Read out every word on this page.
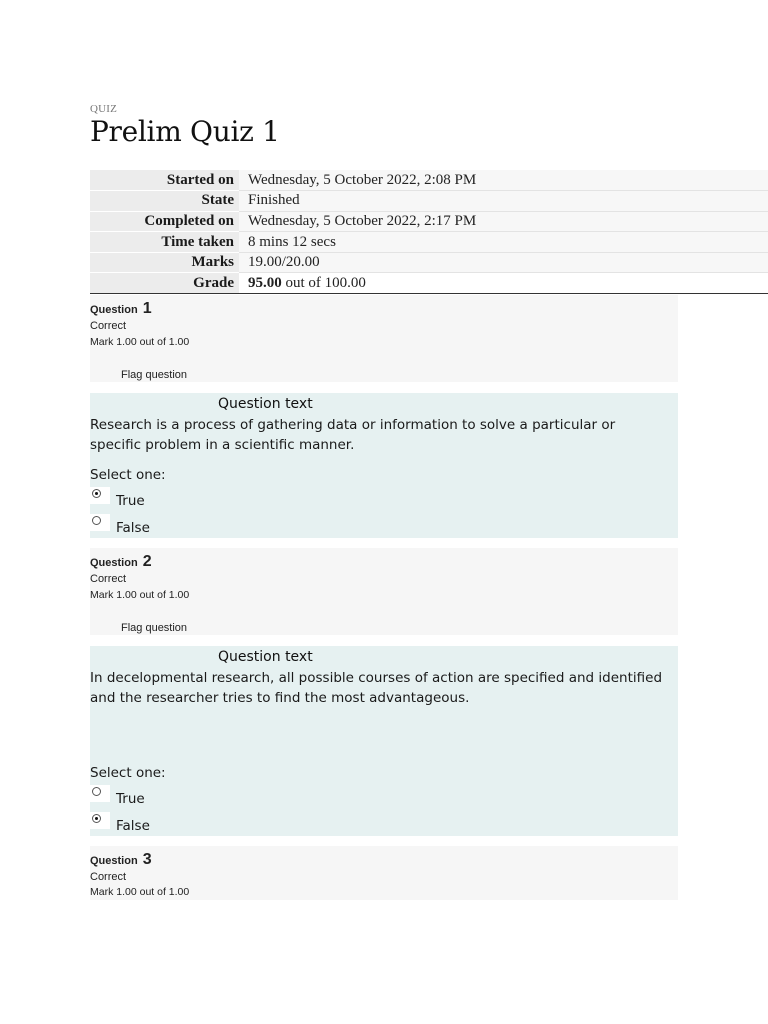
QUIZ
Prelim Quiz 1
Started on	Wednesday, 5 October 2022, 2:08 PM
State	Finished
Completed on	Wednesday, 5 October 2022, 2:17 PM
Time taken	8 mins 12 secs
Marks	19.00/20.00
Grade	95.00 out of 100.00
Question 1
Correct
Mark 1.00 out of 1.00
Flag question
Question text

Research is a process of gathering data or information to solve a particular or specific problem in a scientific manner.

Select one:
True
False
Question 2
Correct
Mark 1.00 out of 1.00
Flag question
Question text

In decelopmental research, all possible courses of action are specified and identified and the researcher tries to find the most advantageous.

Select one:
True
False
Question 3
Correct
Mark 1.00 out of 1.00
